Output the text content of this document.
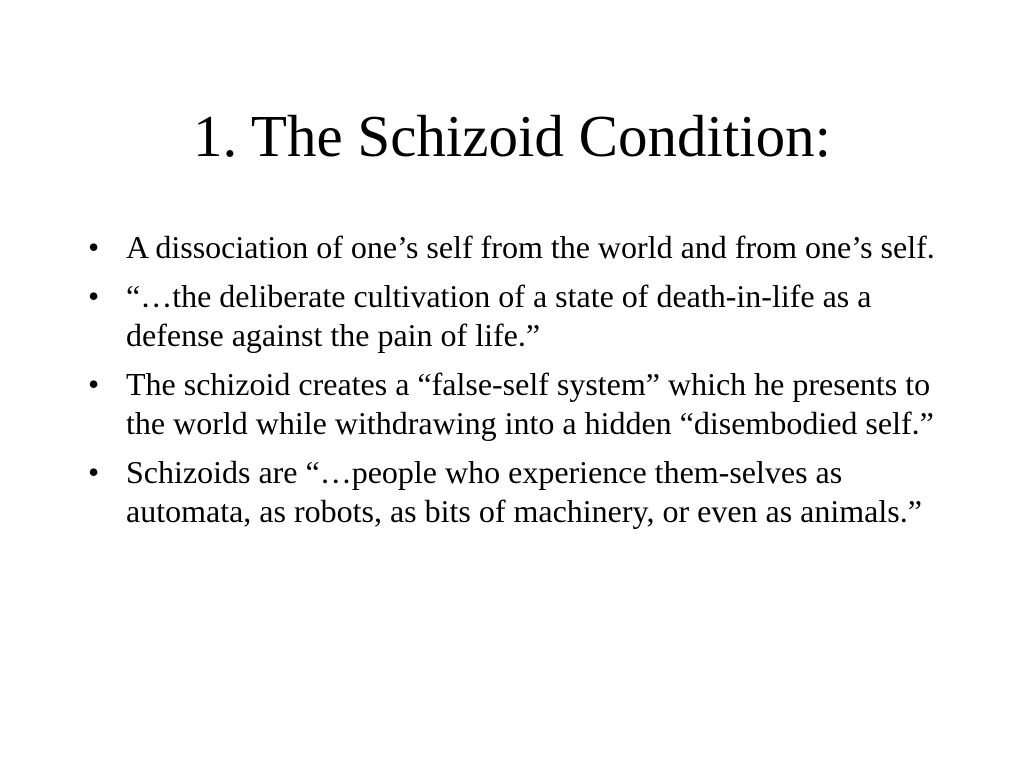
1. The Schizoid Condition:
• A dissociation of one’s self from the world and from one’s self.
• “…the deliberate cultivation of a state of death-in-life as a defense against the pain of life.”
• The schizoid creates a “false-self system” which he presents to the world while withdrawing into a hidden “disembodied self.”
• Schizoids are “…people who experience them-selves as automata, as robots, as bits of machinery, or even as animals.”
